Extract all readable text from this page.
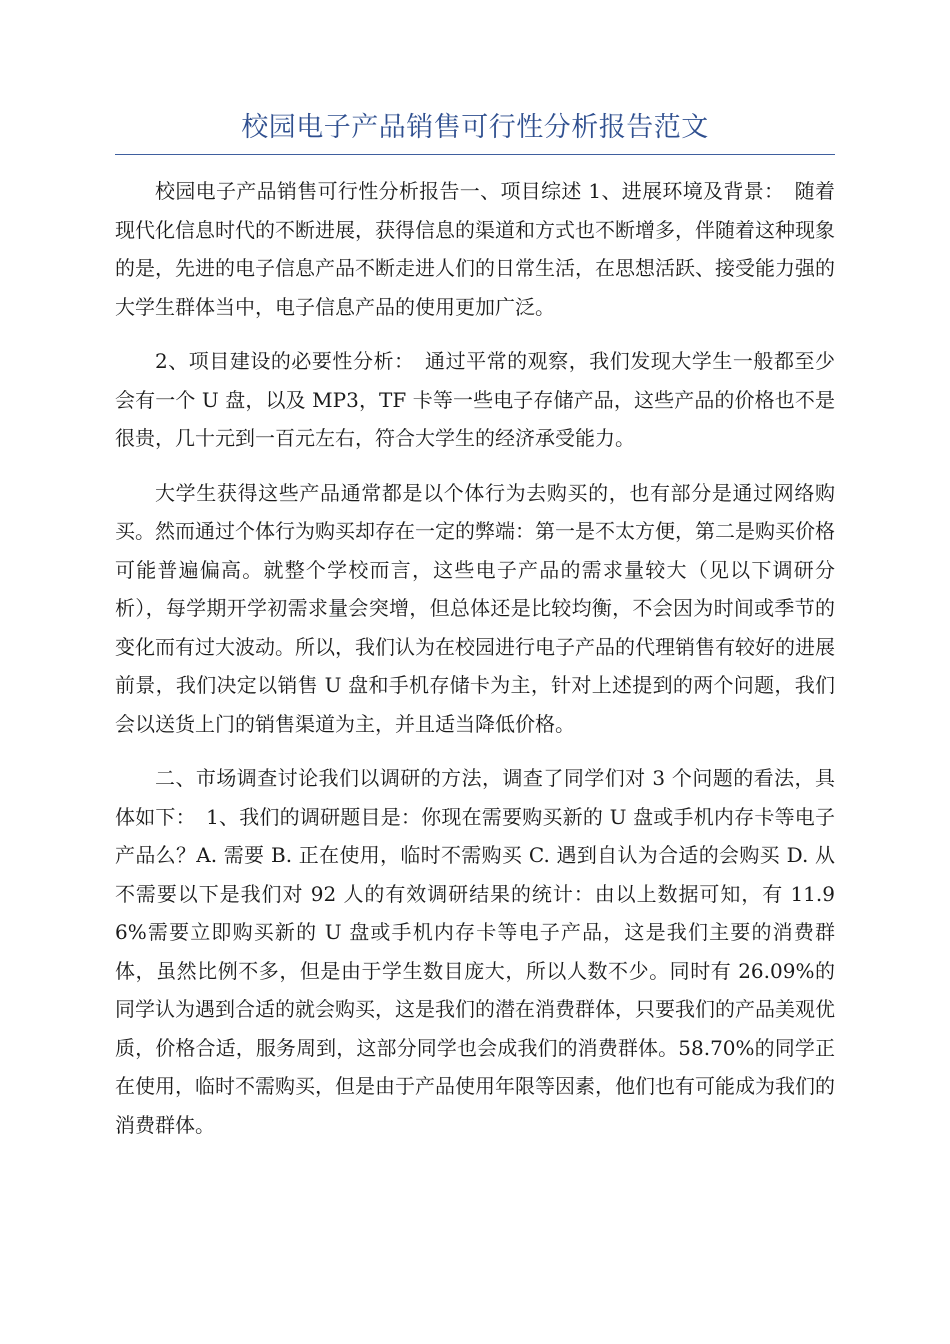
校园电子产品销售可行性分析报告范文

校园电子产品销售可行性分析报告一、项目综述 1、进展环境及背景：　随着现代化信息时代的不断进展，获得信息的渠道和方式也不断增多，伴随着这种现象的是，先进的电子信息产品不断走进人们的日常生活，在思想活跃、接受能力强的大学生群体当中，电子信息产品的使用更加广泛。

2、项目建设的必要性分析：　通过平常的观察，我们发现大学生一般都至少会有一个 U 盘，以及 MP3，TF 卡等一些电子存储产品，这些产品的价格也不是很贵，几十元到一百元左右，符合大学生的经济承受能力。

大学生获得这些产品通常都是以个体行为去购买的，也有部分是通过网络购买。然而通过个体行为购买却存在一定的弊端：第一是不太方便，第二是购买价格可能普遍偏高。就整个学校而言，这些电子产品的需求量较大（见以下调研分析），每学期开学初需求量会突增，但总体还是比较均衡，不会因为时间或季节的变化而有过大波动。所以，我们认为在校园进行电子产品的代理销售有较好的进展前景，我们决定以销售 U 盘和手机存储卡为主，针对上述提到的两个问题，我们会以送货上门的销售渠道为主，并且适当降低价格。

二、市场调查讨论我们以调研的方法，调查了同学们对 3 个问题的看法，具体如下：　1、我们的调研题目是：你现在需要购买新的 U 盘或手机内存卡等电子产品么？A. 需要 B. 正在使用，临时不需购买 C. 遇到自认为合适的会购买 D. 从不需要以下是我们对 92 人的有效调研结果的统计：由以上数据可知，有 11.96%需要立即购买新的 U 盘或手机内存卡等电子产品，这是我们主要的消费群体，虽然比例不多，但是由于学生数目庞大，所以人数不少。同时有 26.09%的同学认为遇到合适的就会购买，这是我们的潜在消费群体，只要我们的产品美观优质，价格合适，服务周到，这部分同学也会成我们的消费群体。58.70%的同学正在使用，临时不需购买，但是由于产品使用年限等因素，他们也有可能成为我们的消费群体。
